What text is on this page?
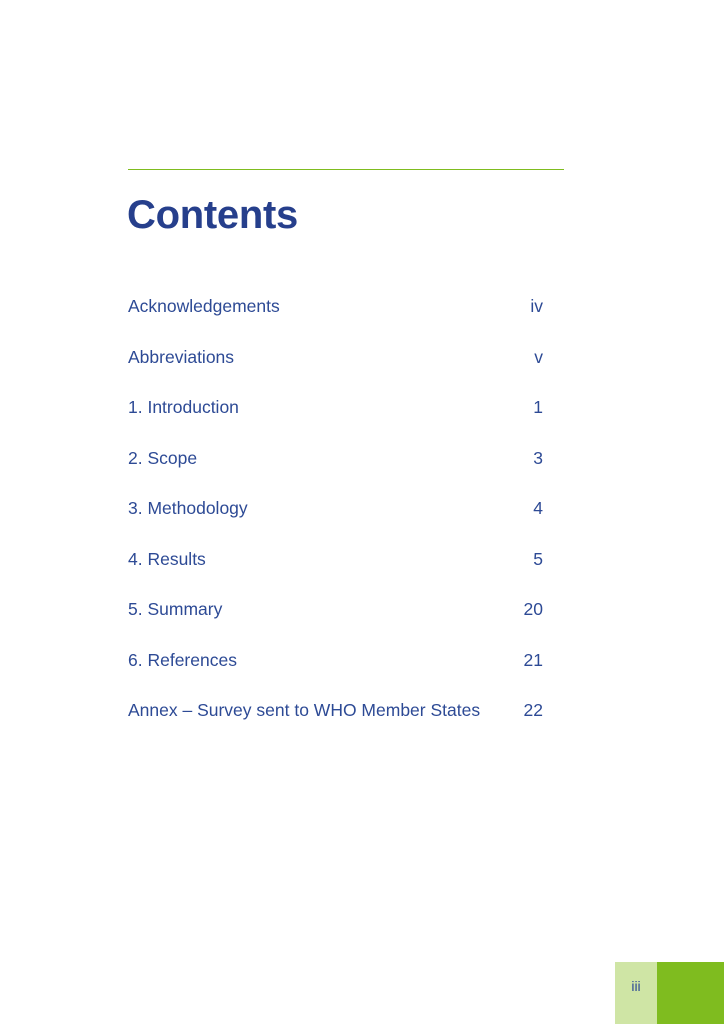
Contents
Acknowledgements	iv
Abbreviations	v
1. Introduction	1
2. Scope	3
3. Methodology	4
4. Results	5
5. Summary	20
6. References	21
Annex – Survey sent to WHO Member States 22
iii
